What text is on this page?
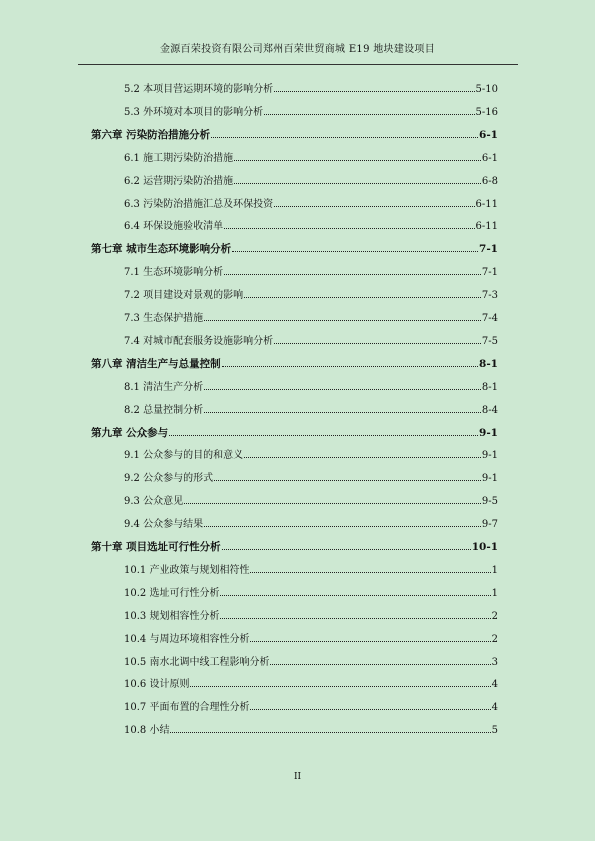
金源百荣投资有限公司郑州百荣世贸商城 E19 地块建设项目
5.2 本项目营运期环境的影响分析	5-10
5.3 外环境对本项目的影响分析	5-16
第六章 污染防治措施分析	6-1
6.1 施工期污染防治措施	6-1
6.2 运营期污染防治措施	6-8
6.3 污染防治措施汇总及环保投资	6-11
6.4 环保设施验收清单	6-11
第七章 城市生态环境影响分析	7-1
7.1 生态环境影响分析	7-1
7.2 项目建设对景观的影响	7-3
7.3 生态保护措施	7-4
7.4 对城市配套服务设施影响分析	7-5
第八章 清洁生产与总量控制	8-1
8.1 清洁生产分析	8-1
8.2 总量控制分析	8-4
第九章 公众参与	9-1
9.1 公众参与的目的和意义	9-1
9.2 公众参与的形式	9-1
9.3 公众意见	9-5
9.4 公众参与结果	9-7
第十章 项目选址可行性分析	10-1
10.1 产业政策与规划相符性	1
10.2 选址可行性分析	1
10.3 规划相容性分析	2
10.4 与周边环境相容性分析	2
10.5 南水北调中线工程影响分析	3
10.6 设计原则	4
10.7 平面布置的合理性分析	4
10.8 小结	5
II
